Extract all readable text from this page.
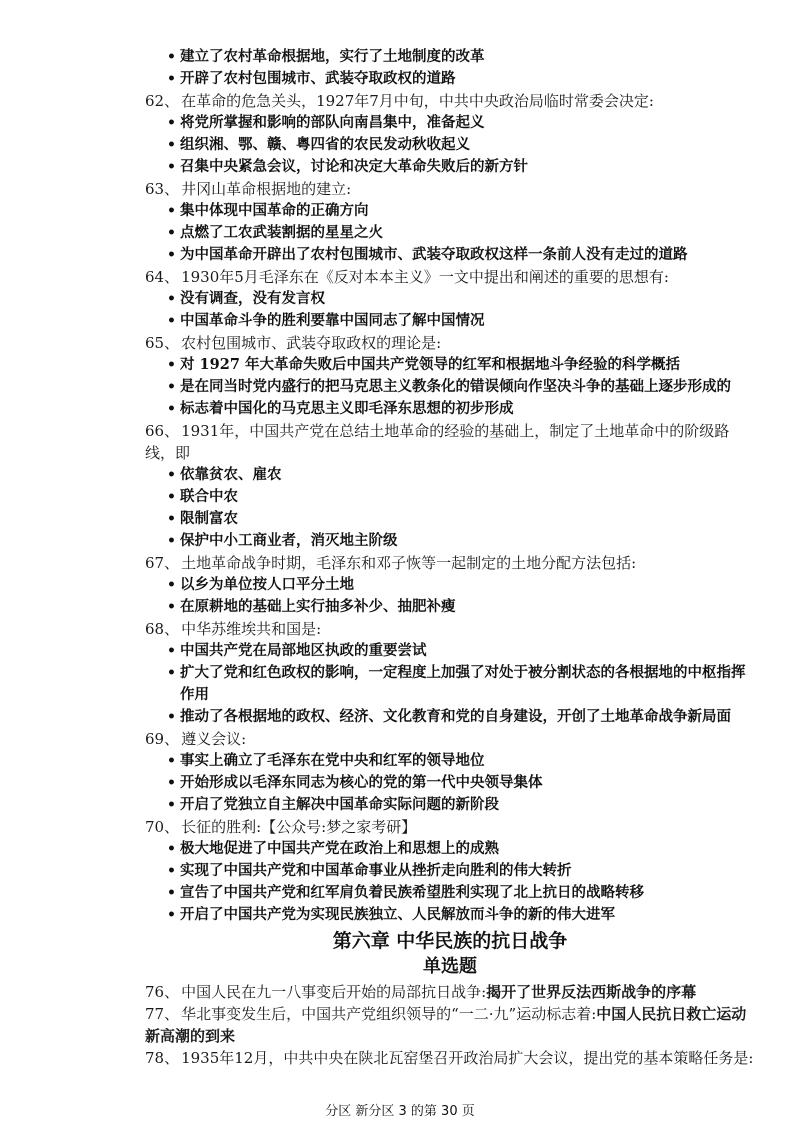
• 建立了农村革命根据地，实行了土地制度的改革
• 开辟了农村包围城市、武装夺取政权的道路

62、 在革命的危急关头，1927年7月中旬，中共中央政治局临时常委会决定:

• 将党所掌握和影响的部队向南昌集中，准备起义
• 组织湘、鄂、赣、粤四省的农民发动秋收起义
• 召集中央紧急会议，讨论和决定大革命失败后的新方针

63、 井冈山革命根据地的建立:

• 集中体现中国革命的正确方向
• 点燃了工农武装割据的星星之火
• 为中国革命开辟出了农村包围城市、武装夺取政权这样一条前人没有走过的道路

64、 1930年5月毛泽东在《反对本本主义》一文中提出和阐述的重要的思想有:

• 没有调查，没有发言权
• 中国革命斗争的胜利要靠中国同志了解中国情况

65、 农村包围城市、武装夺取政权的理论是:

• 对 1927 年大革命失败后中国共产党领导的红军和根据地斗争经验的科学概括
• 是在同当时党内盛行的把马克思主义教条化的错误倾向作坚决斗争的基础上逐步形成的
• 标志着中国化的马克思主义即毛泽东思想的初步形成

66、 1931年，中国共产党在总结土地革命的经验的基础上，制定了土地革命中的阶级路线，即

• 依靠贫农、雇农
• 联合中农
• 限制富农
• 保护中小工商业者，消灭地主阶级

67、 土地革命战争时期，毛泽东和邓子恢等一起制定的土地分配方法包括:

• 以乡为单位按人口平分土地
• 在原耕地的基础上实行抽多补少、抽肥补瘦

68、 中华苏维埃共和国是:

• 中国共产党在局部地区执政的重要尝试
• 扩大了党和红色政权的影响，一定程度上加强了对处于被分割状态的各根据地的中枢指挥作用
• 推动了各根据地的政权、经济、文化教育和党的自身建设，开创了土地革命战争新局面

69、 遵义会议:

• 事实上确立了毛泽东在党中央和红军的领导地位
• 开始形成以毛泽东同志为核心的党的第一代中央领导集体
• 开启了党独立自主解决中国革命实际问题的新阶段

70、 长征的胜利:【公众号:梦之家考研】

• 极大地促进了中国共产党在政治上和思想上的成熟
• 实现了中国共产党和中国革命事业从挫折走向胜利的伟大转折
• 宣告了中国共产党和红军肩负着民族希望胜利实现了北上抗日的战略转移
• 开启了中国共产党为实现民族独立、人民解放而斗争的新的伟大进军
第六章 中华民族的抗日战争
单选题

76、 中国人民在九一八事变后开始的局部抗日战争:揭开了世界反法西斯战争的序幕

77、 华北事变发生后，中国共产党组织领导的“一二·九”运动标志着:中国人民抗日救亡运动新高潮的到来

78、 1935年12月，中共中央在陕北瓦窑堡召开政治局扩大会议，提出党的基本策略任务是:

分区 新分区 3 的第 30 页
